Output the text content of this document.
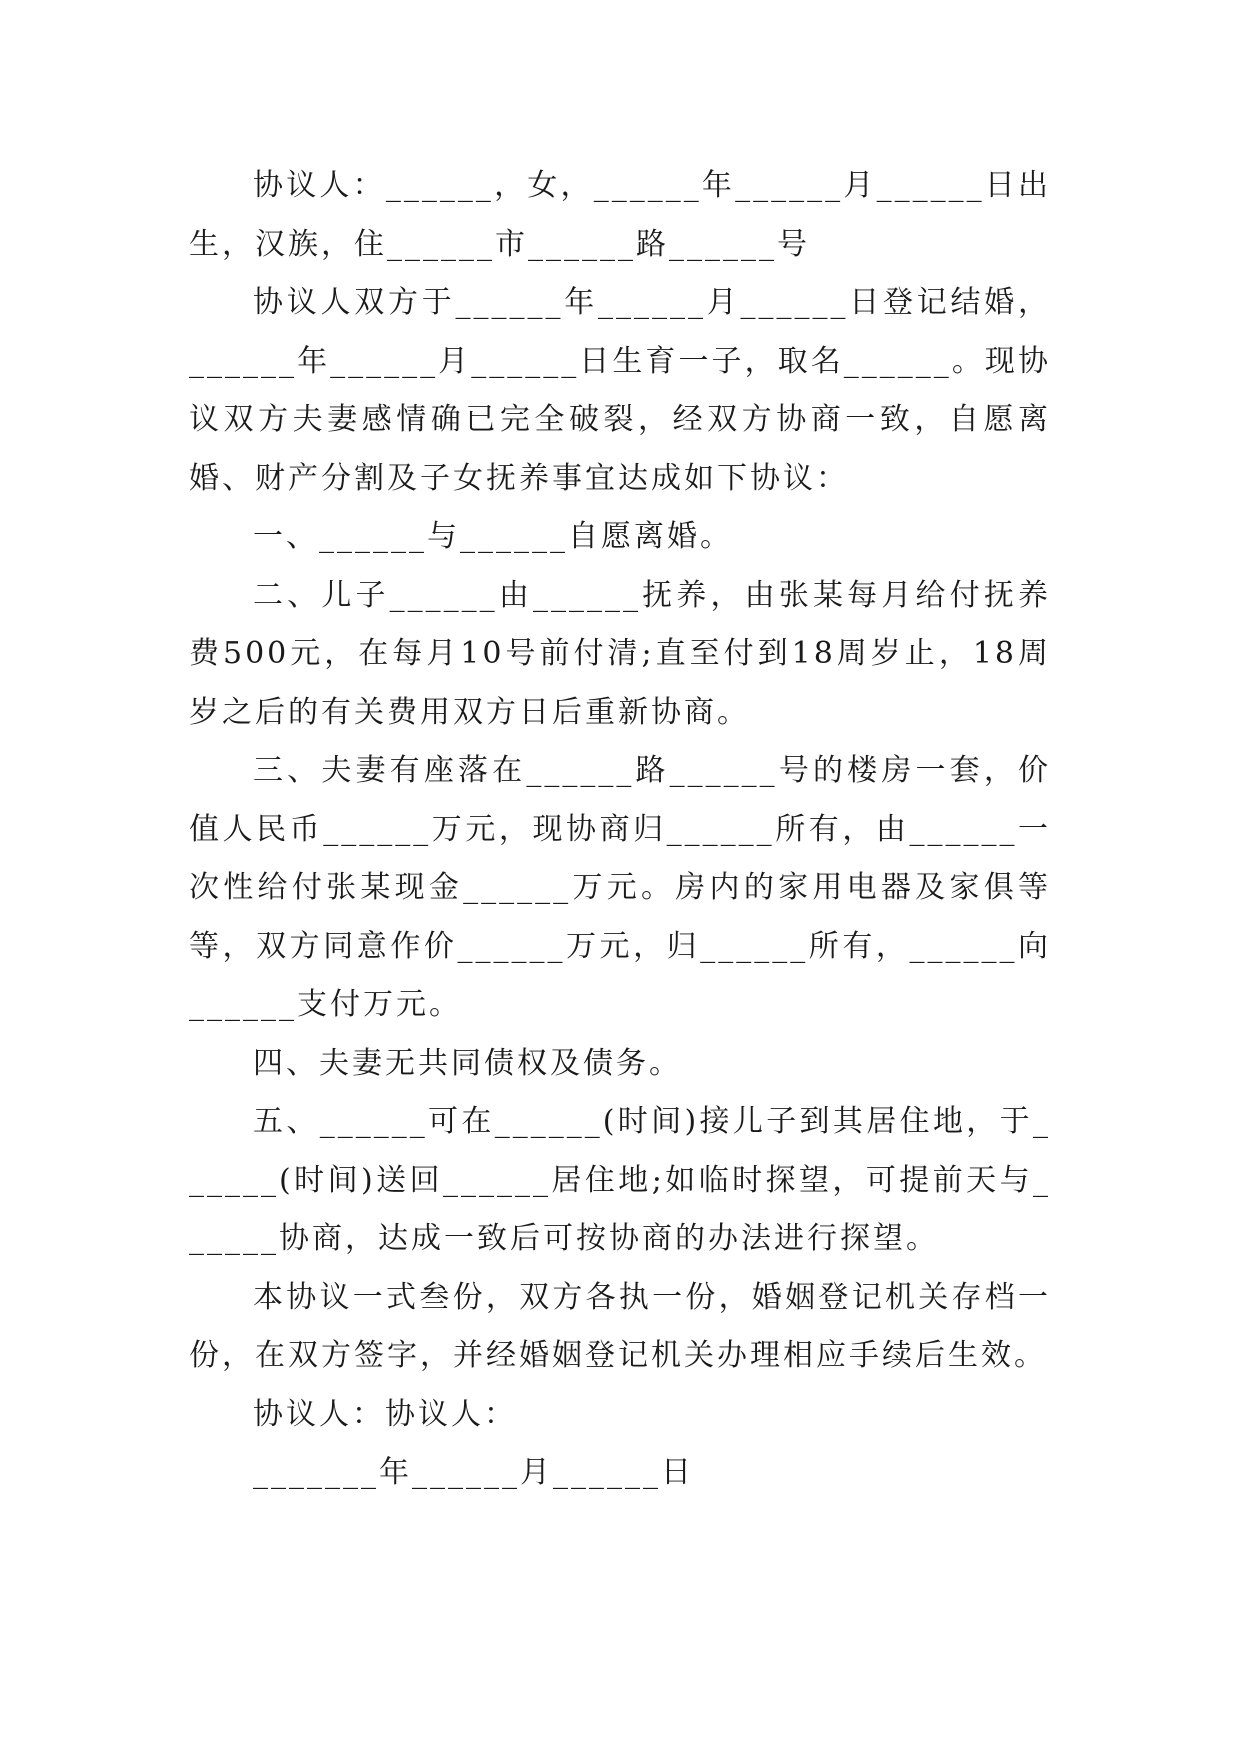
协议人：______，女，______年______月______日出生，汉族，住______市______路______号

协议人双方于______年______月______日登记结婚，______年______月______日生育一子，取名______。现协议双方夫妻感情确已完全破裂，经双方协商一致，自愿离婚、财产分割及子女抚养事宜达成如下协议：

一、______与______自愿离婚。

二、儿子______由______抚养，由张某每月给付抚养费500元，在每月10号前付清;直至付到18周岁止，18周岁之后的有关费用双方日后重新协商。

三、夫妻有座落在______路______号的楼房一套，价值人民币______万元，现协商归______所有，由______一次性给付张某现金______万元。房内的家用电器及家俱等等，双方同意作价______万元，归______所有，______向______支付万元。

四、夫妻无共同债权及债务。

五、______可在______(时间)接儿子到其居住地，于______(时间)送回______居住地;如临时探望，可提前天与______协商，达成一致后可按协商的办法进行探望。

本协议一式叁份，双方各执一份，婚姻登记机关存档一份，在双方签字，并经婚姻登记机关办理相应手续后生效。

协议人：协议人：

_______年______月______日
